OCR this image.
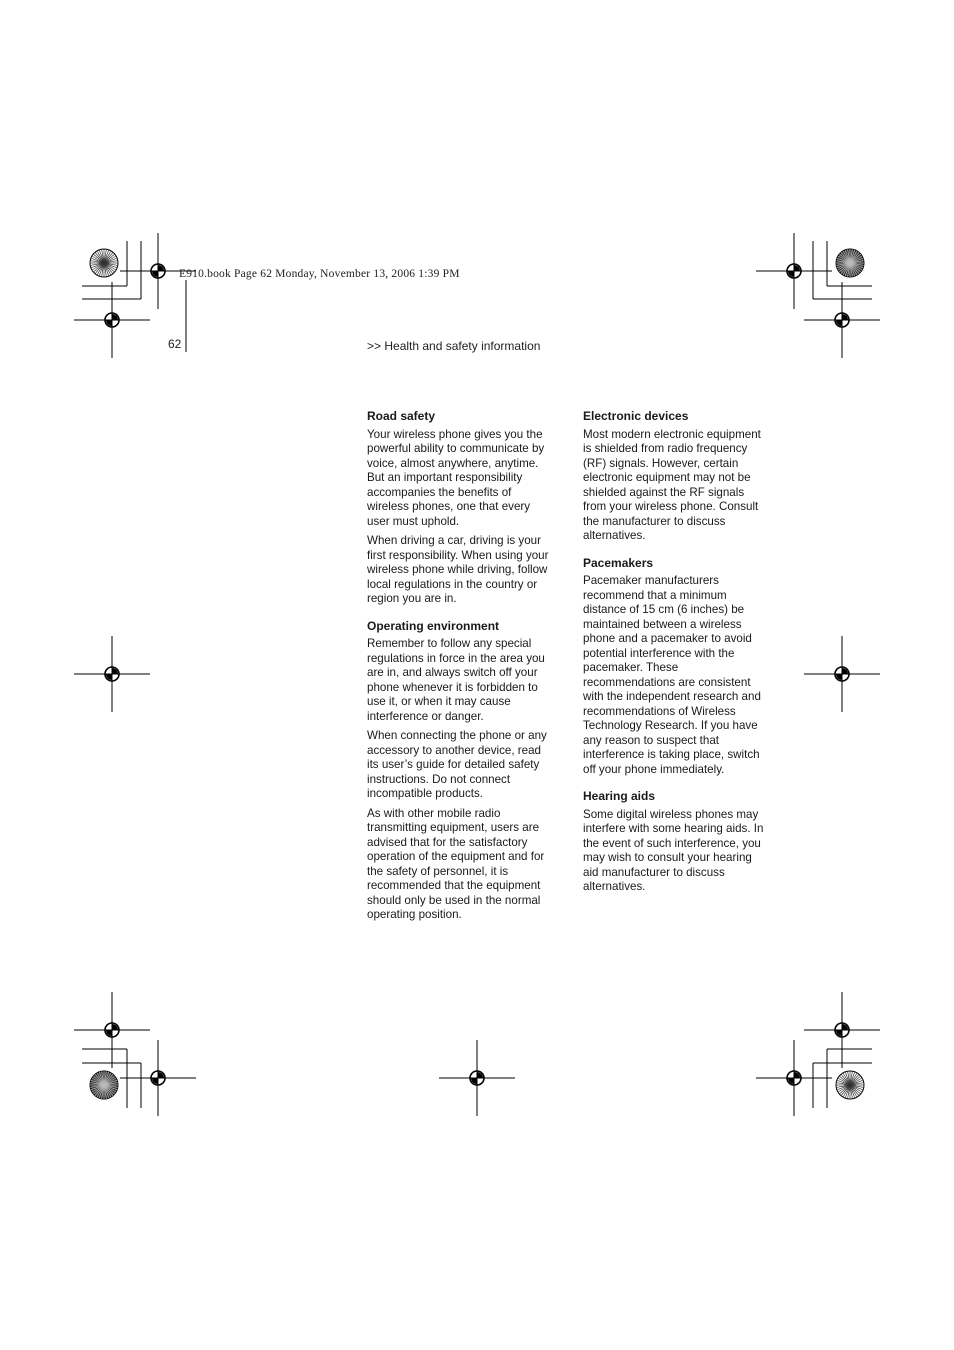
E910.book Page 62 Monday, November 13, 2006 1:39 PM
62	>> Health and safety information
Road safety

Your wireless phone gives you the powerful ability to communicate by voice, almost anywhere, anytime. But an important responsibility accompanies the benefits of wireless phones, one that every user must uphold.

When driving a car, driving is your first responsibility. When using your wireless phone while driving, follow local regulations in the country or region you are in.

Operating environment

Remember to follow any special regulations in force in the area you are in, and always switch off your phone whenever it is forbidden to use it, or when it may cause interference or danger.

When connecting the phone or any accessory to another device, read its user’s guide for detailed safety instructions. Do not connect incompatible products.

As with other mobile radio transmitting equipment, users are advised that for the satisfactory operation of the equipment and for the safety of personnel, it is recommended that the equipment should only be used in the normal operating position.

Electronic devices

Most modern electronic equipment is shielded from radio frequency (RF) signals. However, certain electronic equipment may not be shielded against the RF signals from your wireless phone. Consult the manufacturer to discuss alternatives.

Pacemakers

Pacemaker manufacturers recommend that a minimum distance of 15 cm (6 inches) be maintained between a wireless phone and a pacemaker to avoid potential interference with the pacemaker. These recommendations are consistent with the independent research and recommendations of Wireless Technology Research. If you have any reason to suspect that interference is taking place, switch off your phone immediately.

Hearing aids

Some digital wireless phones may interfere with some hearing aids. In the event of such interference, you may wish to consult your hearing aid manufacturer to discuss alternatives.
